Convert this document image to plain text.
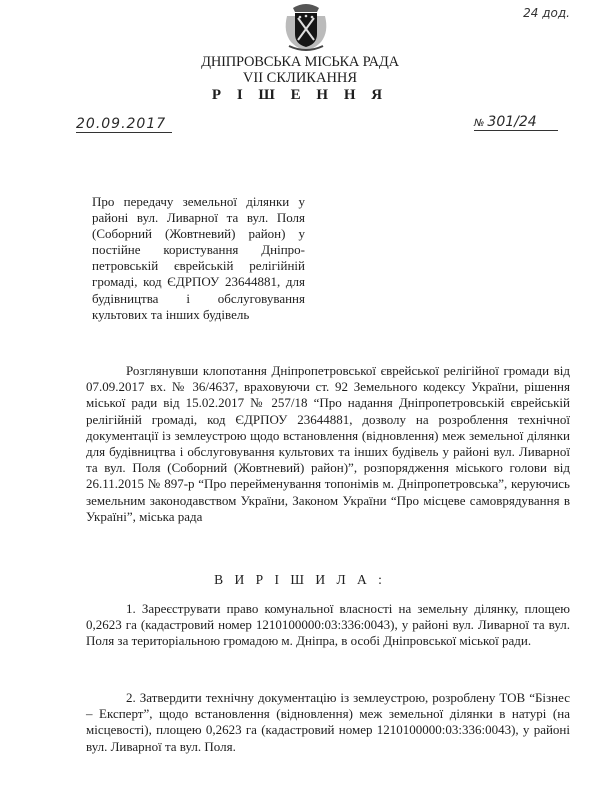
24 дод.
ДНІПРОВСЬКА МІСЬКА РАДА
VII СКЛИКАННЯ
Р І Ш Е Н Н Я
20.09.2017	№ 301/24
Про передачу земельної ділянки у районі вул. Ливарної та вул. Поля (Соборний (Жовтневий) район) у постійне користування Дніпро-петровській єврейській релігійній громаді, код ЄДРПОУ 23644881, для будівництва і обслуговування культових та інших будівель
Розглянувши клопотання Дніпропетровської єврейської релігійної громади від 07.09.2017 вх. № 36/4637, враховуючи ст. 92 Земельного кодексу України, рішення міської ради від 15.02.2017 № 257/18 “Про надання Дніпропетровській єврейській релігійній громаді, код ЄДРПОУ 23644881, дозволу на розроблення технічної документації із землеустрою щодо встановлення (відновлення) меж земельної ділянки для будівництва і обслуговування культових та інших будівель у районі вул. Ливарної та вул. Поля (Соборний (Жовтневий) район)”, розпорядження міського голови від 26.11.2015 № 897-р “Про перейменування топонімів м. Дніпропетровська”, керуючись земельним законодавством України, Законом України “Про місцеве самоврядування в Україні”, міська рада
В И Р І Ш И Л А :
1. Зареєструвати право комунальної власності на земельну ділянку, площею 0,2623 га (кадастровий номер 1210100000:03:336:0043), у районі вул. Ливарної та вул. Поля за територіальною громадою м. Дніпра, в особі Дніпровської міської ради.
2. Затвердити технічну документацію із землеустрою, розроблену ТОВ “Бізнес – Експерт”, щодо встановлення (відновлення) меж земельної ділянки в натурі (на місцевості), площею 0,2623 га (кадастровий номер 1210100000:03:336:0043), у районі вул. Ливарної та вул. Поля.
